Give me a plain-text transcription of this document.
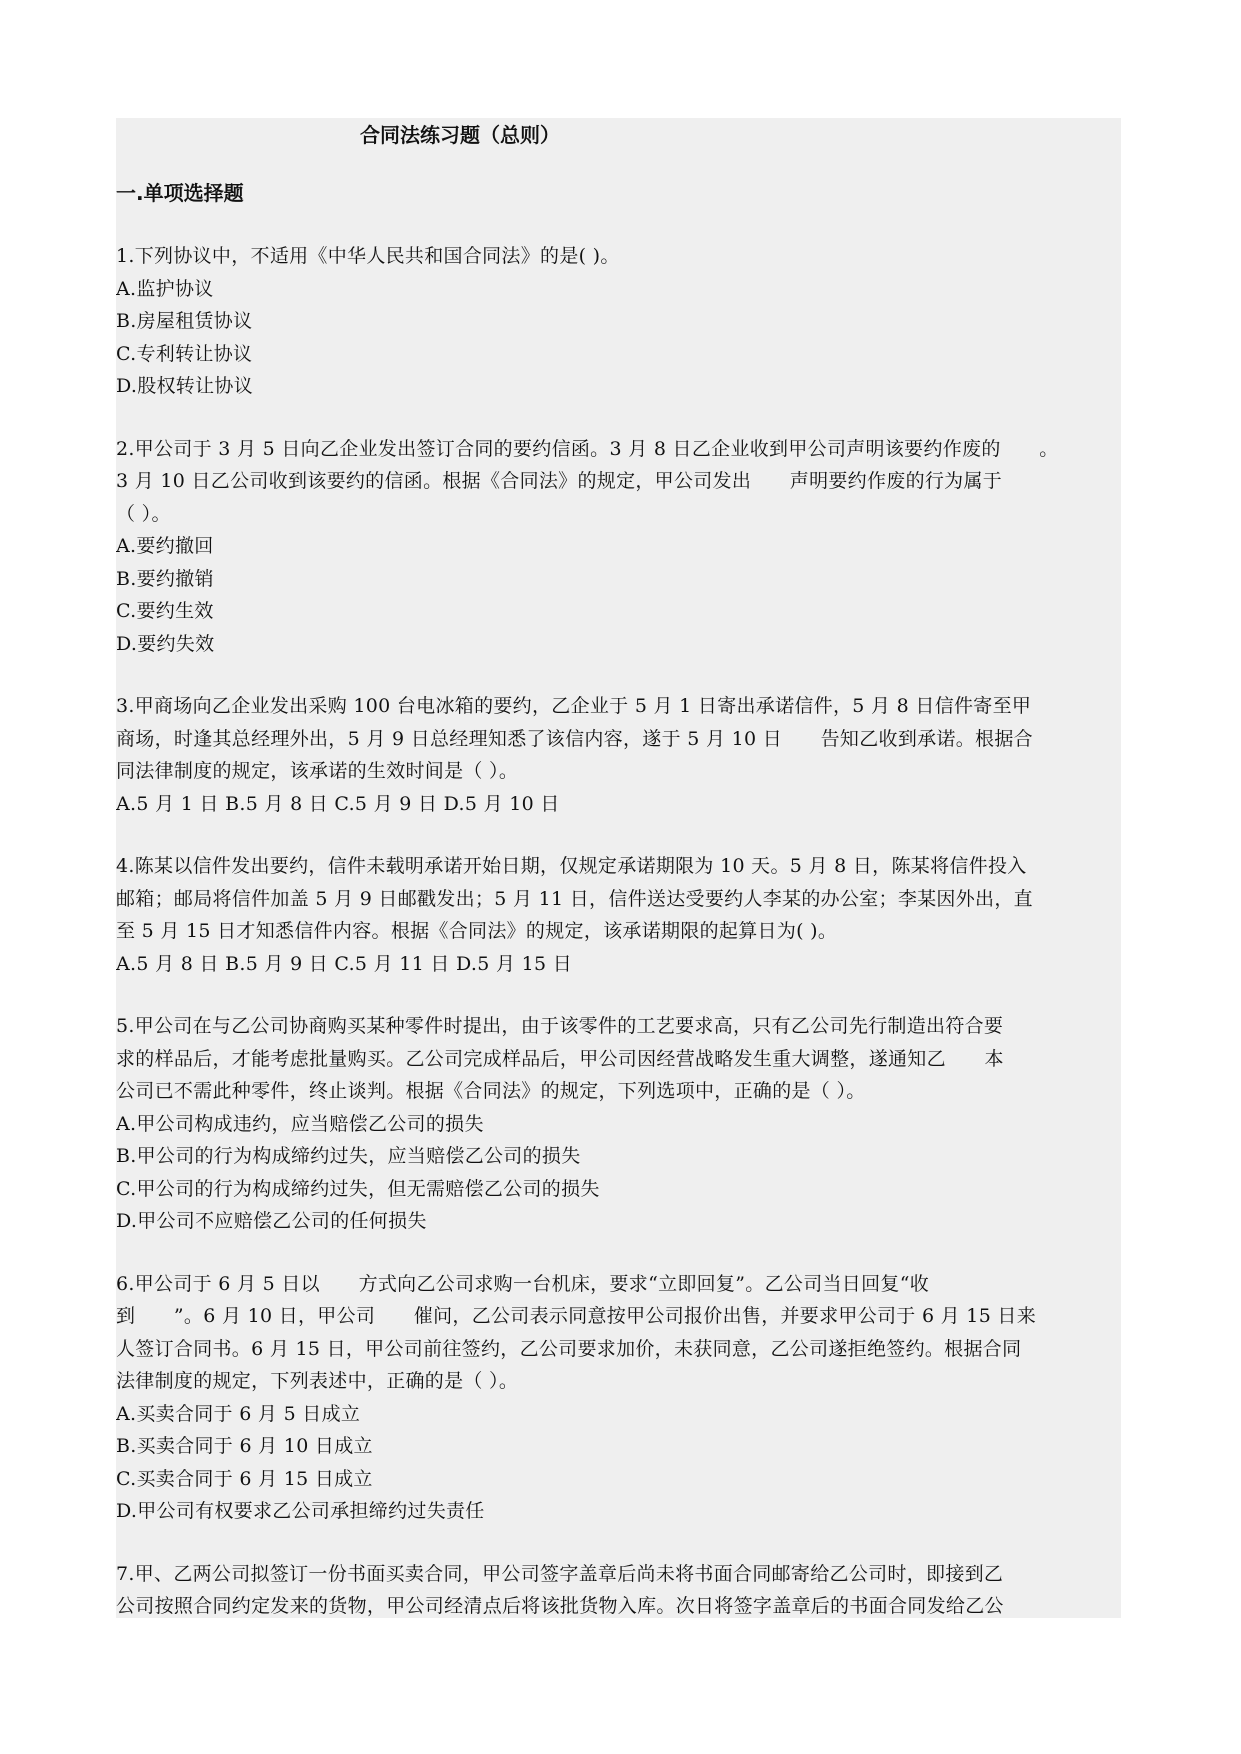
合同法练习题（总则）
一.单项选择题
1.下列协议中，不适用《中华人民共和国合同法》的是( )。
A.监护协议
B.房屋租赁协议
C.专利转让协议
D.股权转让协议
2.甲公司于 3 月 5 日向乙企业发出签订合同的要约信函。3 月 8 日乙企业收到甲公司声明该要约作废的　　。
3 月 10 日乙公司收到该要约的信函。根据《合同法》的规定，甲公司发出　　声明要约作废的行为属于
（ ）。
A.要约撤回
B.要约撤销
C.要约生效
D.要约失效
3.甲商场向乙企业发出采购 100 台电冰箱的要约，乙企业于 5 月 1 日寄出承诺信件，5 月 8 日信件寄至甲
商场，时逢其总经理外出，5 月 9 日总经理知悉了该信内容，遂于 5 月 10 日　　告知乙收到承诺。根据合
同法律制度的规定，该承诺的生效时间是（ ）。
A.5 月 1 日 B.5 月 8 日 C.5 月 9 日 D.5 月 10 日
4.陈某以信件发出要约，信件未载明承诺开始日期，仅规定承诺期限为 10 天。5 月 8 日，陈某将信件投入
邮箱；邮局将信件加盖 5 月 9 日邮戳发出；5 月 11 日，信件送达受要约人李某的办公室；李某因外出，直
至 5 月 15 日才知悉信件内容。根据《合同法》的规定，该承诺期限的起算日为( )。
A.5 月 8 日 B.5 月 9 日 C.5 月 11 日 D.5 月 15 日
5.甲公司在与乙公司协商购买某种零件时提出，由于该零件的工艺要求高，只有乙公司先行制造出符合要
求的样品后，才能考虑批量购买。乙公司完成样品后，甲公司因经营战略发生重大调整，遂通知乙　　本
公司已不需此种零件，终止谈判。根据《合同法》的规定，下列选项中，正确的是（ ）。
A.甲公司构成违约，应当赔偿乙公司的损失
B.甲公司的行为构成缔约过失，应当赔偿乙公司的损失
C.甲公司的行为构成缔约过失，但无需赔偿乙公司的损失
D.甲公司不应赔偿乙公司的任何损失
6.甲公司于 6 月 5 日以　　方式向乙公司求购一台机床，要求“立即回复”。乙公司当日回复“收
到　　”。6 月 10 日，甲公司　　催问，乙公司表示同意按甲公司报价出售，并要求甲公司于 6 月 15 日来
人签订合同书。6 月 15 日，甲公司前往签约，乙公司要求加价，未获同意，乙公司遂拒绝签约。根据合同
法律制度的规定，下列表述中，正确的是（ ）。
A.买卖合同于 6 月 5 日成立
B.买卖合同于 6 月 10 日成立
C.买卖合同于 6 月 15 日成立
D.甲公司有权要求乙公司承担缔约过失责任
7.甲、乙两公司拟签订一份书面买卖合同，甲公司签字盖章后尚未将书面合同邮寄给乙公司时，即接到乙
公司按照合同约定发来的货物，甲公司经清点后将该批货物入库。次日将签字盖章后的书面合同发给乙公
